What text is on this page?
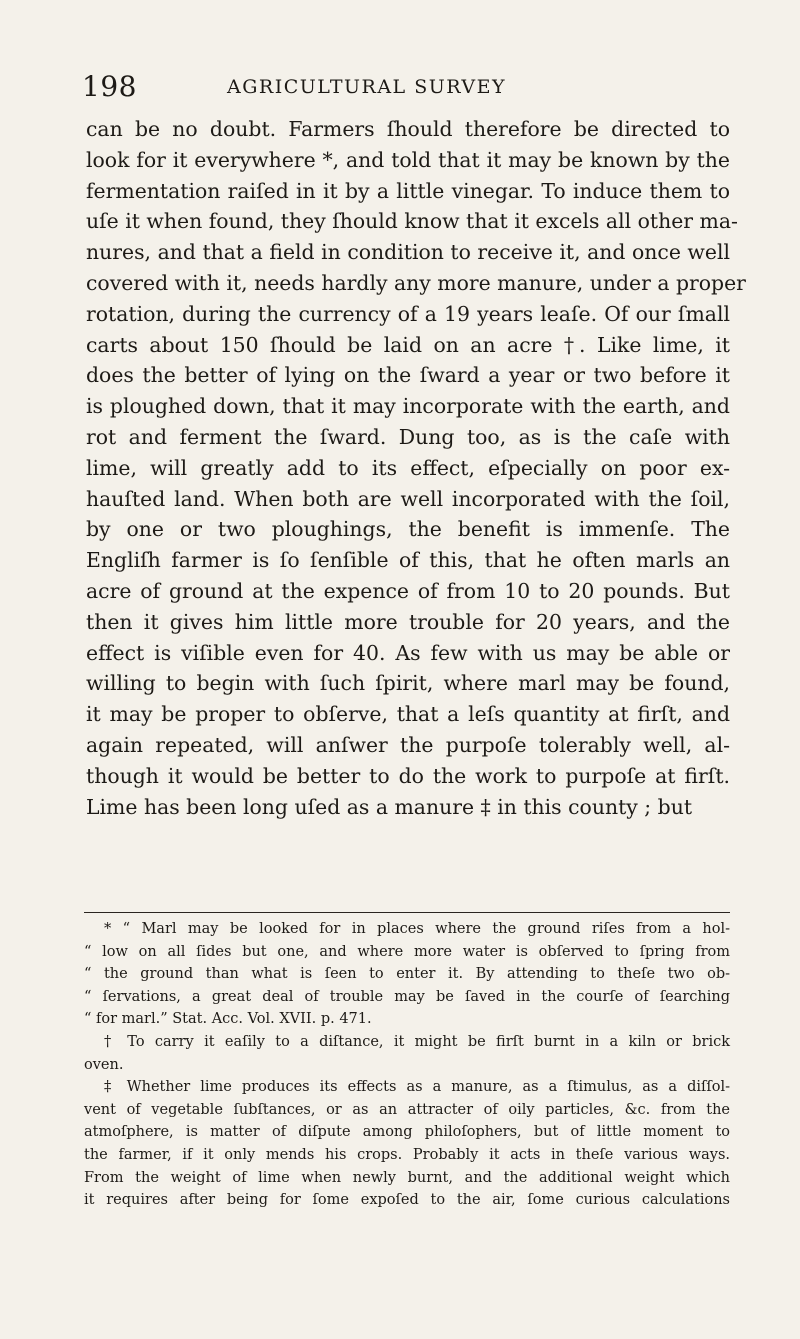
198	AGRICULTURAL SURVEY
can be no doubt. Farmers ſhould therefore be directed to
look for it everywhere *, and told that it may be known by the
fermentation raiſed in it by a little vinegar. To induce them to
uſe it when found, they ſhould know that it excels all other ma-
nures, and that a field in condition to receive it, and once well
covered with it, needs hardly any more manure, under a proper
rotation, during the currency of a 19 years leaſe. Of our ſmall
carts about 150 ſhould be laid on an acre †. Like lime, it
does the better of lying on the ſward a year or two before it
is ploughed down, that it may incorporate with the earth, and
rot and ferment the ſward. Dung too, as is the caſe with
lime, will greatly add to its effect, eſpecially on poor ex-
hauſted land. When both are well incorporated with the ſoil,
by one or two ploughings, the benefit is immenſe. The
Engliſh farmer is ſo ſenſible of this, that he often marls an
acre of ground at the expence of from 10 to 20 pounds. But
then it gives him little more trouble for 20 years, and the
effect is viſible even for 40. As few with us may be able or
willing to begin with ſuch ſpirit, where marl may be found,
it may be proper to obſerve, that a leſs quantity at firſt, and
again repeated, will anſwer the purpoſe tolerably well, al-
though it would be better to do the work to purpoſe at firſt.
Lime has been long uſed as a manure ‡ in this county ; but
* “ Marl may be looked for in places where the ground riſes from a hol-
“ low on all ſides but one, and where more water is obſerved to ſpring from
“ the ground than what is ſeen to enter it. By attending to theſe two ob-
“ ſervations, a great deal of trouble may be ſaved in the courſe of ſearching
“ for marl.” Stat. Acc. Vol. XVII. p. 471.
† To carry it eaſily to a diſtance, it might be firſt burnt in a kiln or brick
oven.
‡ Whether lime produces its effects as a manure, as a ſtimulus, as a diſſol-
vent of vegetable ſubſtances, or as an attracter of oily particles, &c. from the
atmoſphere, is matter of diſpute among philoſophers, but of little moment to
the farmer, if it only mends his crops. Probably it acts in theſe various ways.
From the weight of lime when newly burnt, and the additional weight which
it requires after being for ſome expoſed to the air, ſome curious calculations
